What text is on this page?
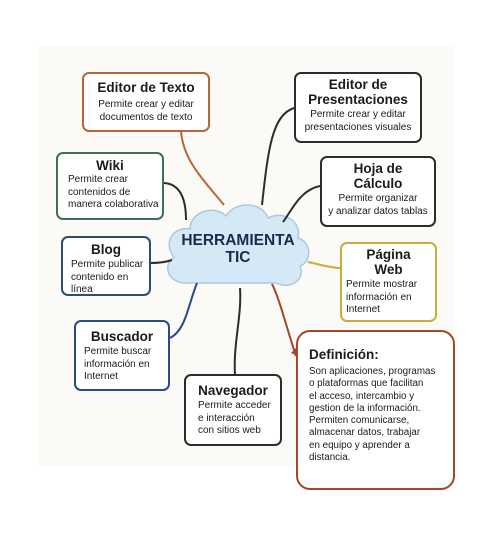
HERRAMIENTA
TIC
Editor de Texto
Permite crear y editar
documentos de texto
Editor de
Presentaciones
Permite crear y editar
presentaciones visuales
Hoja de
Cálculo
Permite organizar
y analizar datos tablas
Página
Web
Permite mostrar
información en
Internet
Wiki
Permite crear
contenidos de
manera colaborativa
Blog
Permite publicar
contenido en
línea
Buscador
Permite buscar
información en
Internet
Navegador
Permite acceder
e interacción
con sitios web
Definición:
Son aplicaciones, programas
o plataformas que facilitan
el acceso, intercambio y
gestion de la información.
Permiten comunicarse,
almacenar datos, trabajar
en equipo y aprender a
distancia.
